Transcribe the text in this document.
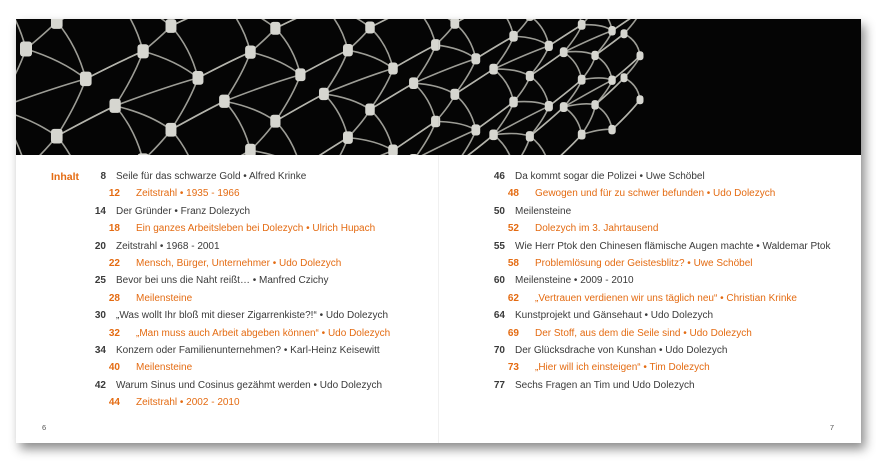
Inhalt	8 Seile für das schwarze Gold • Alfred Krinke
12 Zeitstrahl • 1935 - 1966
14 Der Gründer • Franz Dolezych
18 Ein ganzes Arbeitsleben bei Dolezych • Ulrich Hupach
20 Zeitstrahl • 1968 - 2001
22 Mensch, Bürger, Unternehmer • Udo Dolezych
25 Bevor bei uns die Naht reißt… • Manfred Czichy
28 Meilensteine
30 „Was wollt Ihr bloß mit dieser Zigarrenkiste?!“ • Udo Dolezych
32 „Man muss auch Arbeit abgeben können“ • Udo Dolezych
34 Konzern oder Familienunternehmen? • Karl-Heinz Keisewitt
40 Meilensteine
42 Warum Sinus und Cosinus gezähmt werden • Udo Dolezych
44 Zeitstrahl • 2002 - 2010
6
46 Da kommt sogar die Polizei • Uwe Schöbel
48 Gewogen und für zu schwer befunden • Udo Dolezych
50 Meilensteine
52 Dolezych im 3. Jahrtausend
55 Wie Herr Ptok den Chinesen flämische Augen machte • Waldemar Ptok
58 Problemlösung oder Geistesblitz? • Uwe Schöbel
60 Meilensteine • 2009 - 2010
62 „Vertrauen verdienen wir uns täglich neu“ • Christian Krinke
64 Kunstprojekt und Gänsehaut • Udo Dolezych
69 Der Stoff, aus dem die Seile sind • Udo Dolezych
70 Der Glücksdrache von Kunshan • Udo Dolezych
73 „Hier will ich einsteigen“ • Tim Dolezych
77 Sechs Fragen an Tim und Udo Dolezych
7
